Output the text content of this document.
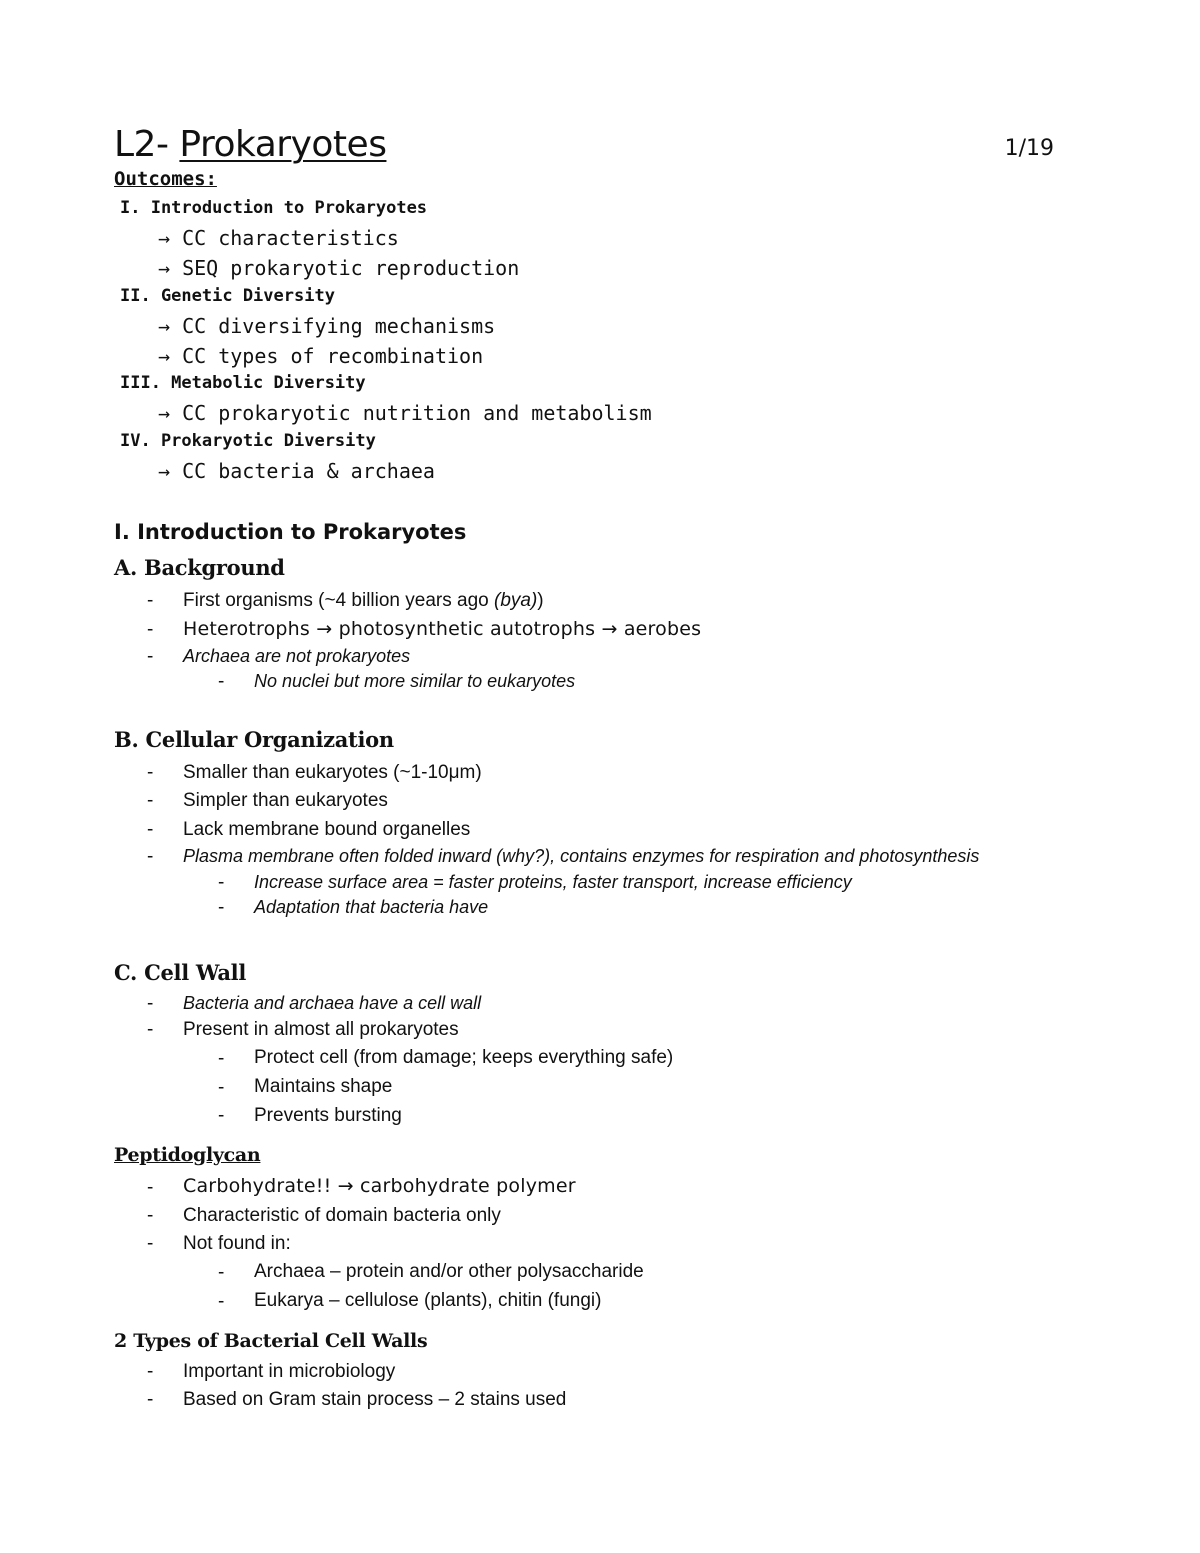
L2- Prokaryotes	1/19
Outcomes:
I. Introduction to Prokaryotes
→ CC characteristics
→ SEQ prokaryotic reproduction
II. Genetic Diversity
→ CC diversifying mechanisms
→ CC types of recombination
III. Metabolic Diversity
→ CC prokaryotic nutrition and metabolism
IV. Prokaryotic Diversity
→ CC bacteria & archaea
I. Introduction to Prokaryotes
A. Background
- First organisms (~4 billion years ago (bya))
- Heterotrophs → photosynthetic autotrophs → aerobes
- Archaea are not prokaryotes
- No nuclei but more similar to eukaryotes
B. Cellular Organization
- Smaller than eukaryotes (~1-10μm)
- Simpler than eukaryotes
- Lack membrane bound organelles
- Plasma membrane often folded inward (why?), contains enzymes for respiration and photosynthesis
- Increase surface area = faster proteins, faster transport, increase efficiency
- Adaptation that bacteria have
C. Cell Wall
- Bacteria and archaea have a cell wall
- Present in almost all prokaryotes
- Protect cell (from damage; keeps everything safe)
- Maintains shape
- Prevents bursting
Peptidoglycan
- Carbohydrate!! → carbohydrate polymer
- Characteristic of domain bacteria only
- Not found in:
- Archaea – protein and/or other polysaccharide
- Eukarya – cellulose (plants), chitin (fungi)
2 Types of Bacterial Cell Walls
- Important in microbiology
- Based on Gram stain process – 2 stains used
